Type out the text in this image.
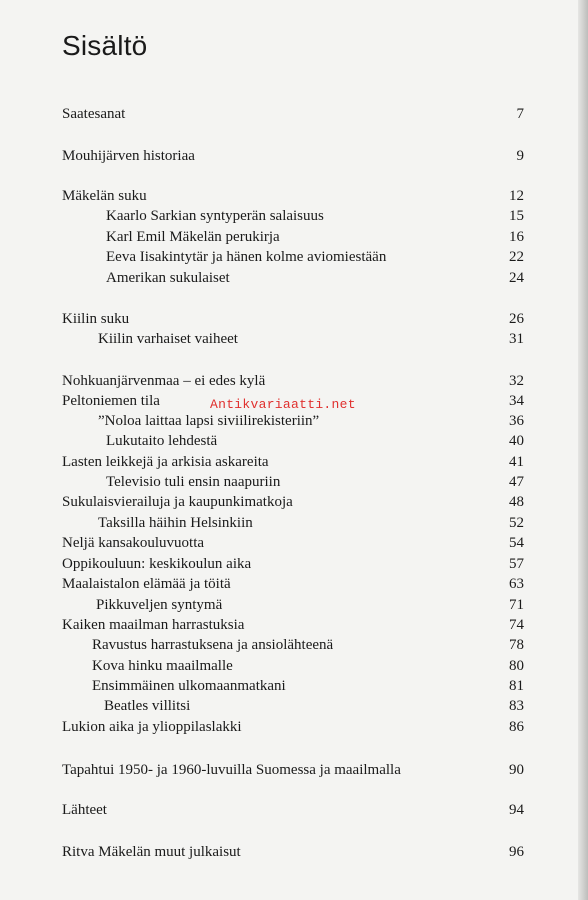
Sisältö
Saatesanat	7
Mouhijärven historiaa	9
Mäkelän suku	12
Kaarlo Sarkian syntyperän salaisuus	15
Karl Emil Mäkelän perukirja	16
Eeva Iisakintytär ja hänen kolme aviomiestään	22
Amerikan sukulaiset	24
Kiilin suku	26
Kiilin varhaiset vaiheet	31
Nohkuanjärvenmaa – ei edes kylä	32
Peltoniemen tila	34
”Noloa laittaa lapsi siviilirekisteriin”	36
Lukutaito lehdestä	40
Lasten leikkejä ja arkisia askareita	41
Televisio tuli ensin naapuriin	47
Sukulaisvierailuja ja kaupunkimatkoja	48
Taksilla häihin Helsinkiin	52
Neljä kansakouluvuotta	54
Oppikouluun: keskikoulun aika	57
Maalaistalon elämää ja töitä	63
Pikkuveljen syntymä	71
Kaiken maailman harrastuksia	74
Ravustus harrastuksena ja ansiolähteenä	78
Kova hinku maailmalle	80
Ensimmäinen ulkomaanmatkani	81
Beatles villitsi	83
Lukion aika ja ylioppilaslakki	86
Tapahtui 1950- ja 1960-luvuilla Suomessa ja maailmalla	90
Lähteet	94
Ritva Mäkelän muut julkaisut	96
Antikvariaatti.net
